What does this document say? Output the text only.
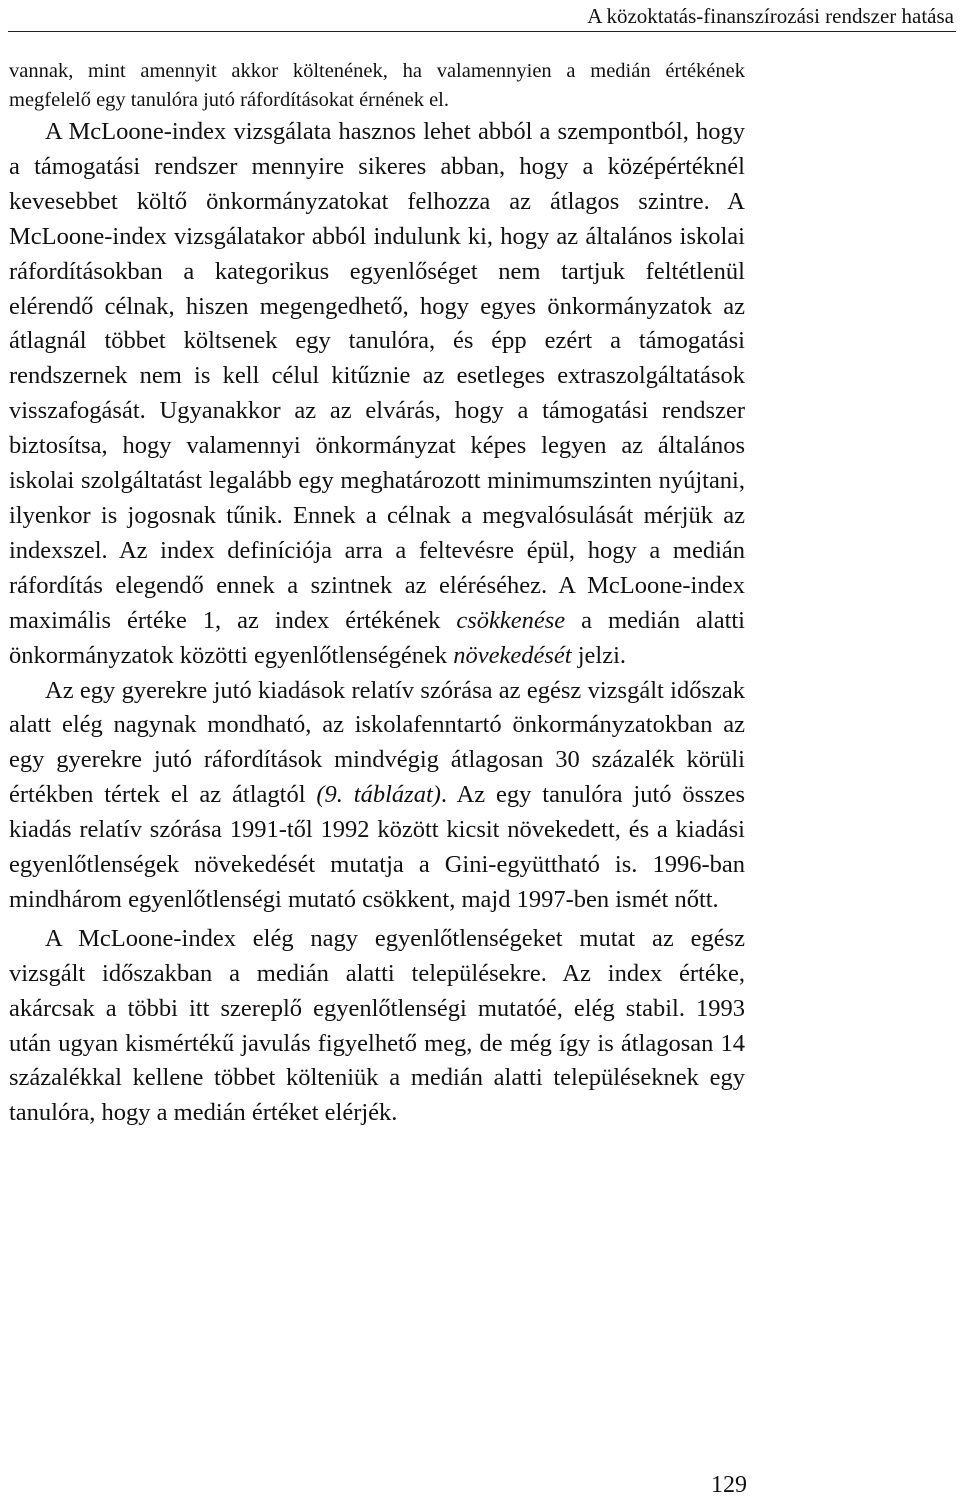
A közoktatás-finanszírozási rendszer hatása

vannak, mint amennyit akkor költenének, ha valamennyien a medián értékének megfelelő egy tanulóra jutó ráfordításokat érnének el.

A McLoone-index vizsgálata hasznos lehet abból a szempontból, hogy a támogatási rendszer mennyire sikeres abban, hogy a középértéknél kevesebbet költő önkormányzatokat felhozza az átlagos szintre. A McLoone-index vizsgálatakor abból indulunk ki, hogy az általános iskolai ráfordításokban a kategorikus egyenlőséget nem tartjuk feltétlenül elérendő célnak, hiszen megengedhető, hogy egyes önkormányzatok az átlagnál többet költsenek egy tanulóra, és épp ezért a támogatási rendszernek nem is kell célul kitűznie az esetleges extraszolgáltatások visszafogását. Ugyanakkor az az elvárás, hogy a támogatási rendszer biztosítsa, hogy valamennyi önkormányzat képes legyen az általános iskolai szolgáltatást legalább egy meghatározott minimumszinten nyújtani, ilyenkor is jogosnak tűnik. Ennek a célnak a megvalósulását mérjük az indexszel. Az index definíciója arra a feltevésre épül, hogy a medián ráfordítás elegendő ennek a szintnek az eléréséhez. A McLoone-index maximális értéke 1, az index értékének csökkenése a medián alatti önkormányzatok közötti egyenlőtlenségének növekedését jelzi.

Az egy gyerekre jutó kiadások relatív szórása az egész vizsgált időszak alatt elég nagynak mondható, az iskolafenntartó önkormányzatokban az egy gyerekre jutó ráfordítások mindvégig átlagosan 30 százalék körüli értékben tértek el az átlagtól (9. táblázat). Az egy tanulóra jutó összes kiadás relatív szórása 1991-től 1992 között kicsit növekedett, és a kiadási egyenlőtlenségek növekedését mutatja a Gini-együttható is. 1996-ban mindhárom egyenlőtlenségi mutató csökkent, majd 1997-ben ismét nőtt.

A McLoone-index elég nagy egyenlőtlenségeket mutat az egész vizsgált időszakban a medián alatti településekre. Az index értéke, akárcsak a többi itt szereplő egyenlőtlenségi mutatóé, elég stabil. 1993 után ugyan kismértékű javulás figyelhető meg, de még így is átlagosan 14 százalékkal kellene többet költeniük a medián alatti településeknek egy tanulóra, hogy a medián értéket elérjék.

129
